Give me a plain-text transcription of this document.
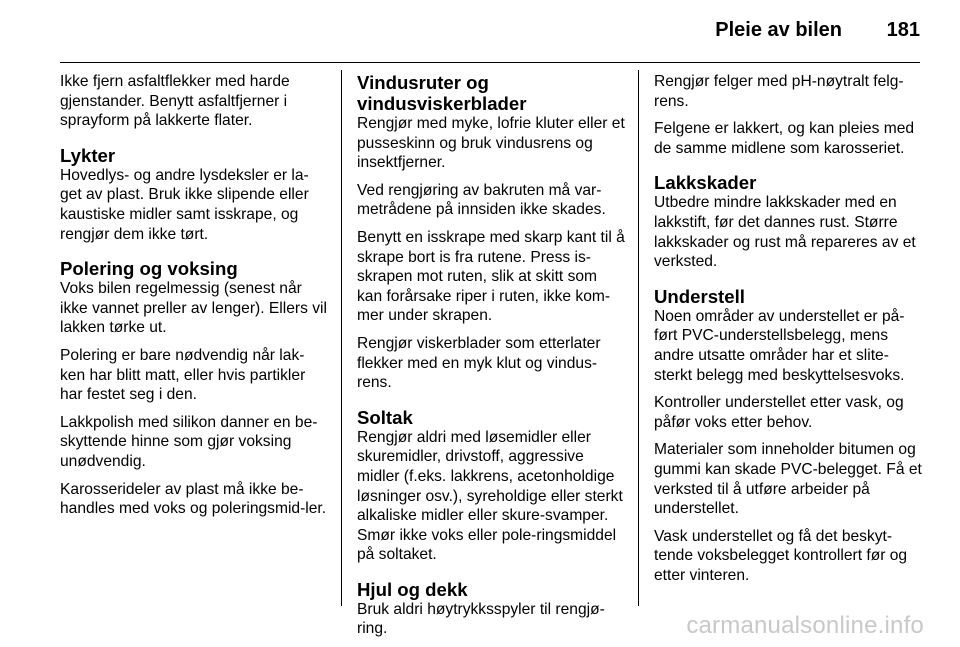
Pleie av bilen 181

Ikke fjern asfaltflekker med harde gjenstander. Benytt asfaltfjerner i sprayform på lakkerte flater.

Lykter

Hovedlys- og andre lysdeksler er la-get av plast. Bruk ikke slipende eller kaustiske midler samt isskrape, og rengjør dem ikke tørt.

Polering og voksing

Voks bilen regelmessig (senest når ikke vannet preller av lenger). Ellers vil lakken tørke ut.

Polering er bare nødvendig når lak-ken har blitt matt, eller hvis partikler har festet seg i den.

Lakkpolish med silikon danner en be-skyttende hinne som gjør voksing unødvendig.

Karosserideler av plast må ikke be-handles med voks og poleringsmid-ler.

Vindusruter og
vindusviskerblader

Rengjør med myke, lofrie kluter eller et pusseskinn og bruk vindusrens og insektfjerner.

Ved rengjøring av bakruten må var-metrådene på innsiden ikke skades.

Benytt en isskrape med skarp kant til å skrape bort is fra rutene. Press is-skrapen mot ruten, slik at skitt som kan forårsake riper i ruten, ikke kom-mer under skrapen.

Rengjør viskerblader som etterlater flekker med en myk klut og vindus-rens.

Soltak

Rengjør aldri med løsemidler eller skuremidler, drivstoff, aggressive midler (f.eks. lakkrens, acetonholdige løsninger osv.), syreholdige eller sterkt alkaliske midler eller skure-svamper. Smør ikke voks eller pole-ringsmiddel på soltaket.

Hjul og dekk

Bruk aldri høytrykksspyler til rengjø-ring.

Rengjør felger med pH-nøytralt felg-rens.

Felgene er lakkert, og kan pleies med de samme midlene som karosseriet.

Lakkskader

Utbedre mindre lakkskader med en lakkstift, før det dannes rust. Større lakkskader og rust må repareres av et verksted.

Understell

Noen områder av understellet er på-ført PVC-understellsbelegg, mens andre utsatte områder har et slite-sterkt belegg med beskyttelsesvoks.

Kontroller understellet etter vask, og påfør voks etter behov.

Materialer som inneholder bitumen og gummi kan skade PVC-belegget. Få et verksted til å utføre arbeider på understellet.

Vask understellet og få det beskyt-tende voksbelegget kontrollert før og etter vinteren.

carmanualsonline.info
